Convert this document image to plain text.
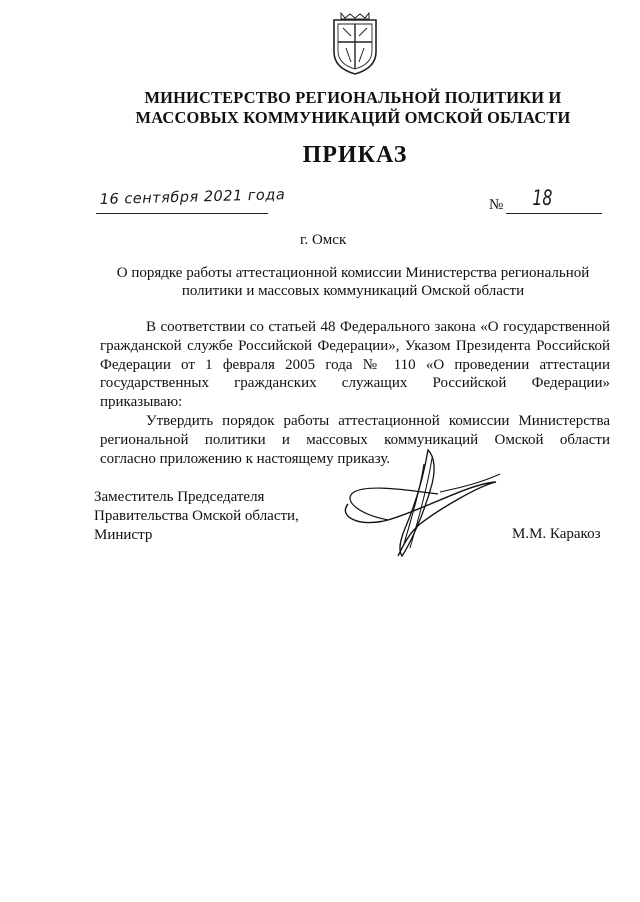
МИНИСТЕРСТВО РЕГИОНАЛЬНОЙ ПОЛИТИКИ И
МАССОВЫХ КОММУНИКАЦИЙ ОМСКОЙ ОБЛАСТИ
ПРИКАЗ
16 сентября 2021 года	№ 18
г. Омск
О порядке работы аттестационной комиссии Министерства региональной
политики и массовых коммуникаций Омской области
В соответствии со статьей 48 Федерального закона «О государственной
гражданской службе Российской Федерации», Указом Президента Российской
Федерации от 1 февраля 2005 года № 110 «О проведении аттестации
государственных гражданских служащих Российской Федерации»
приказываю:
Утвердить порядок работы аттестационной комиссии Министерства
региональной политики и массовых коммуникаций Омской области
согласно приложению к настоящему приказу.
Заместитель Председателя
Правительства Омской области,
Министр	М.М. Каракоз
